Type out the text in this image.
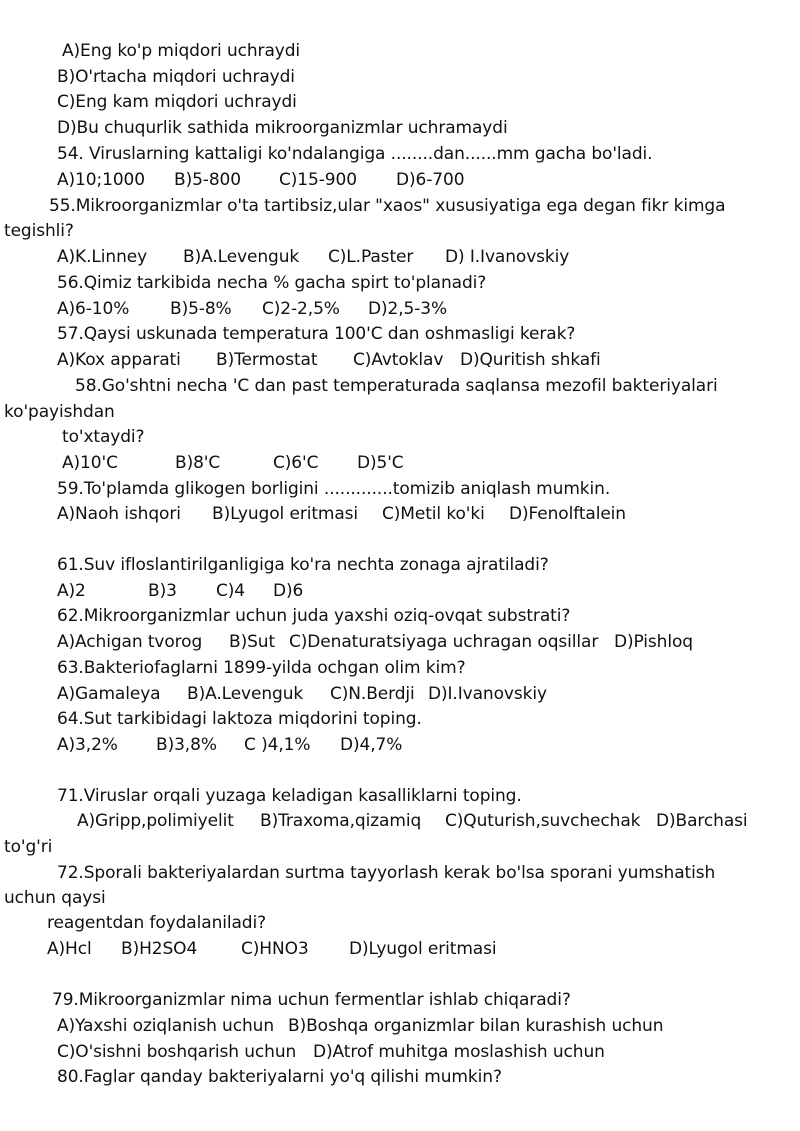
A)Eng ko'p miqdori uchraydi
B)O'rtacha miqdori uchraydi
C)Eng kam miqdori uchraydi
D)Bu chuqurlik sathida mikroorganizmlar uchramaydi
54. Viruslarning kattaligi ko'ndalangiga ........dan......mm gacha bo'ladi.
A)10;1000 B)5-800 C)15-900 D)6-700
55.Mikroorganizmlar o'ta tartibsiz,ular "xaos" xususiyatiga ega degan fikr kimga
tegishli?
A)K.Linney B)A.Levenguk C)L.Paster D) I.Ivanovskiy
56.Qimiz tarkibida necha % gacha spirt to'planadi?
A)6-10% B)5-8% C)2-2,5% D)2,5-3%
57.Qaysi uskunada temperatura 100'C dan oshmasligi kerak?
A)Kox apparati B)Termostat C)Avtoklav D)Quritish shkafi
58.Go'shtni necha 'C dan past temperaturada saqlansa mezofil bakteriyalari
ko'payishdan
to'xtaydi?
A)10'C	B)8'C	C)6'C D)5'C
59.To'plamda glikogen borligini .............tomizib aniqlash mumkin.
A)Naoh ishqori B)Lyugol eritmasi C)Metil ko'ki D)Fenolftalein
61.Suv ifloslantirilganligiga ko'ra nechta zonaga ajratiladi?
A)2	B)3 C)4 D)6
62.Mikroorganizmlar uchun juda yaxshi oziq-ovqat substrati?
A)Achigan tvorog B)Sut C)Denaturatsiyaga uchragan oqsillar D)Pishloq
63.Bakteriofaglarni 1899-yilda ochgan olim kim?
A)Gamaleya B)A.Levenguk C)N.Berdji D)I.Ivanovskiy
64.Sut tarkibidagi laktoza miqdorini toping.
A)3,2% B)3,8% C )4,1% D)4,7%
71.Viruslar orqali yuzaga keladigan kasalliklarni toping.
A)Gripp,polimiyelit B)Traxoma,qizamiq C)Quturish,suvchechak D)Barchasi
to'g'ri
72.Sporali bakteriyalardan surtma tayyorlash kerak bo'lsa sporani yumshatish
uchun qaysi
reagentdan foydalaniladi?
A)Hcl B)H2SO4	C)HNO3 D)Lyugol eritmasi
79.Mikroorganizmlar nima uchun fermentlar ishlab chiqaradi?
A)Yaxshi oziqlanish uchun B)Boshqa organizmlar bilan kurashish uchun
C)O'sishni boshqarish uchun D)Atrof muhitga moslashish uchun
80.Faglar qanday bakteriyalarni yo'q qilishi mumkin?
